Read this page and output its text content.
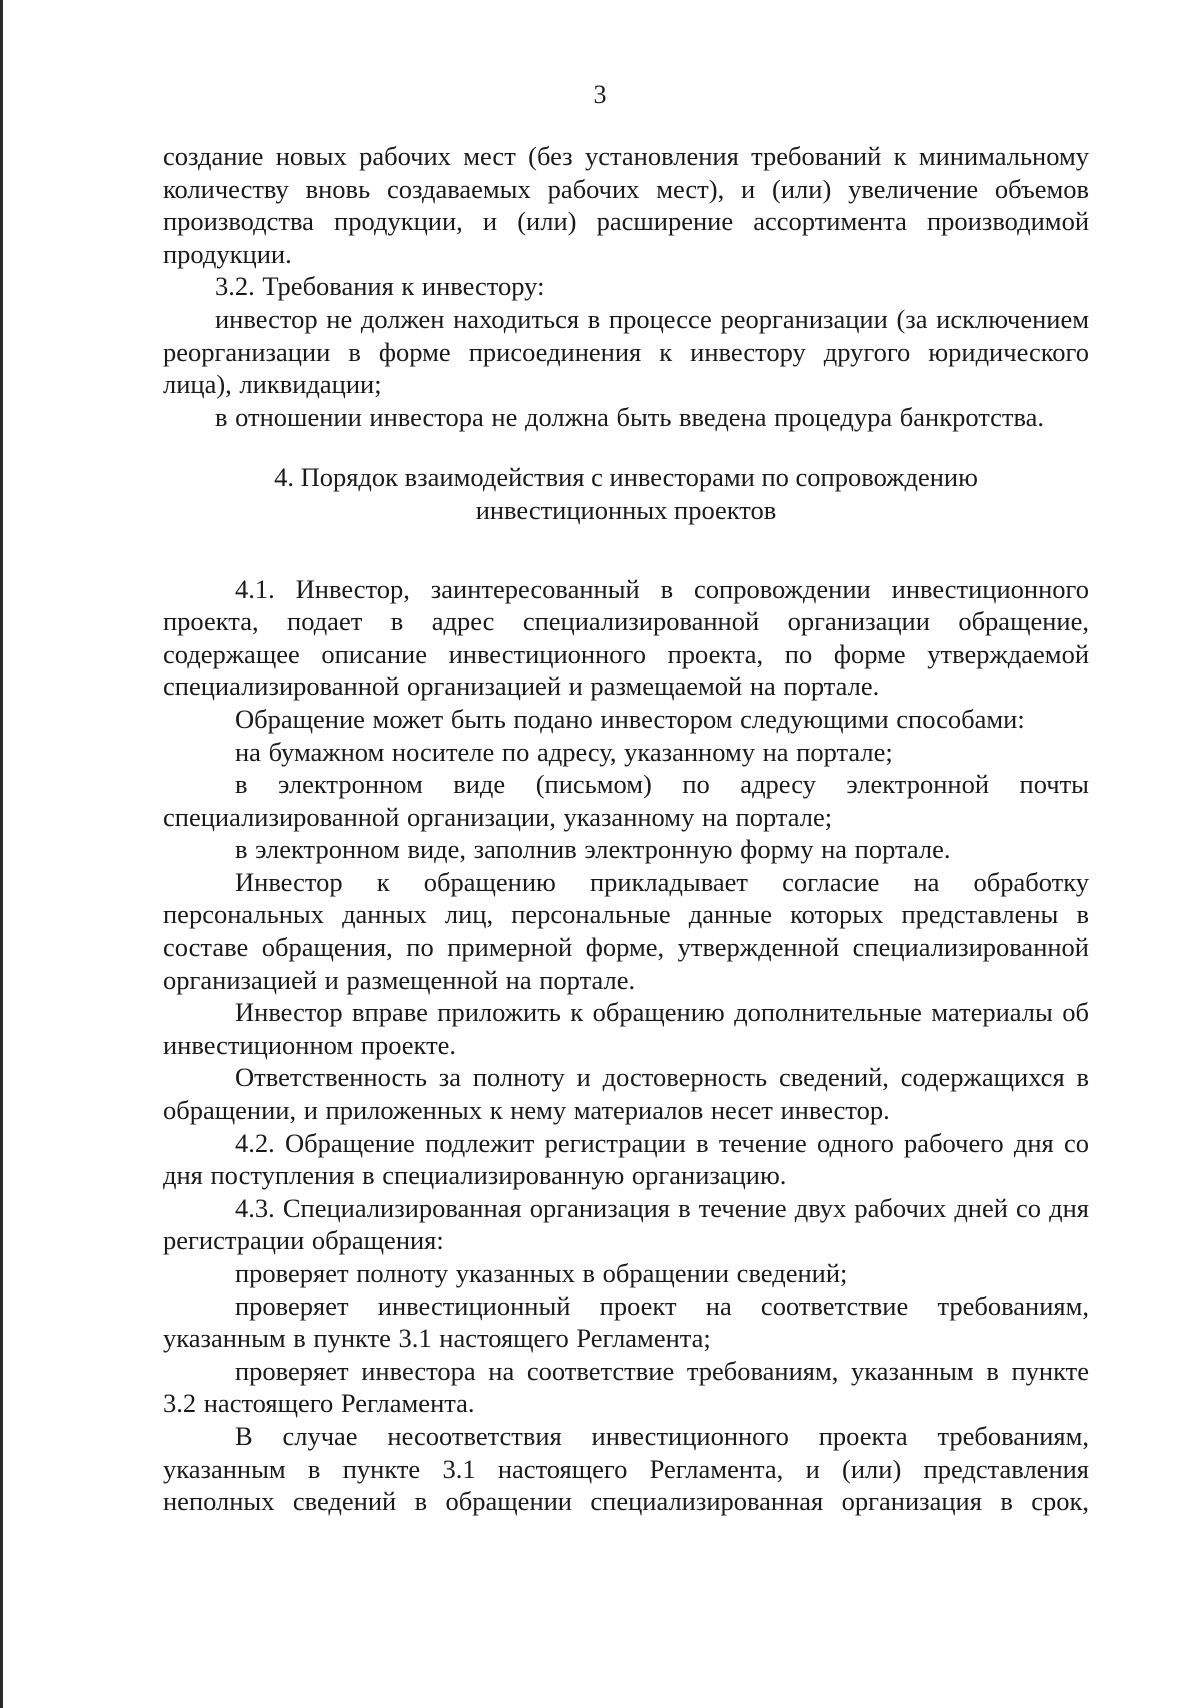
3

создание новых рабочих мест (без установления требований к минимальному количеству вновь создаваемых рабочих мест), и (или) увеличение объемов производства продукции, и (или) расширение ассортимента производимой продукции.

3.2. Требования к инвестору:

инвестор не должен находиться в процессе реорганизации (за исключением реорганизации в форме присоединения к инвестору другого юридического лица), ликвидации;

в отношении инвестора не должна быть введена процедура банкротства.

4. Порядок взаимодействия с инвесторами по сопровождению
инвестиционных проектов

4.1. Инвестор, заинтересованный в сопровождении инвестиционного проекта, подает в адрес специализированной организации обращение, содержащее описание инвестиционного проекта, по форме утверждаемой специализированной организацией и размещаемой на портале.

Обращение может быть подано инвестором следующими способами:

на бумажном носителе по адресу, указанному на портале;

в электронном виде (письмом) по адресу электронной почты специализированной организации, указанному на портале;

в электронном виде, заполнив электронную форму на портале.

Инвестор к обращению прикладывает согласие на обработку персональных данных лиц, персональные данные которых представлены в составе обращения, по примерной форме, утвержденной специализированной организацией и размещенной на портале.

Инвестор вправе приложить к обращению дополнительные материалы об инвестиционном проекте.

Ответственность за полноту и достоверность сведений, содержащихся в обращении, и приложенных к нему материалов несет инвестор.

4.2. Обращение подлежит регистрации в течение одного рабочего дня со дня поступления в специализированную организацию.

4.3. Специализированная организация в течение двух рабочих дней со дня регистрации обращения:

проверяет полноту указанных в обращении сведений;

проверяет инвестиционный проект на соответствие требованиям, указанным в пункте 3.1 настоящего Регламента;

проверяет инвестора на соответствие требованиям, указанным в пункте 3.2 настоящего Регламента.

В случае несоответствия инвестиционного проекта требованиям, указанным в пункте 3.1 настоящего Регламента, и (или) представления неполных сведений в обращении специализированная организация в срок,
